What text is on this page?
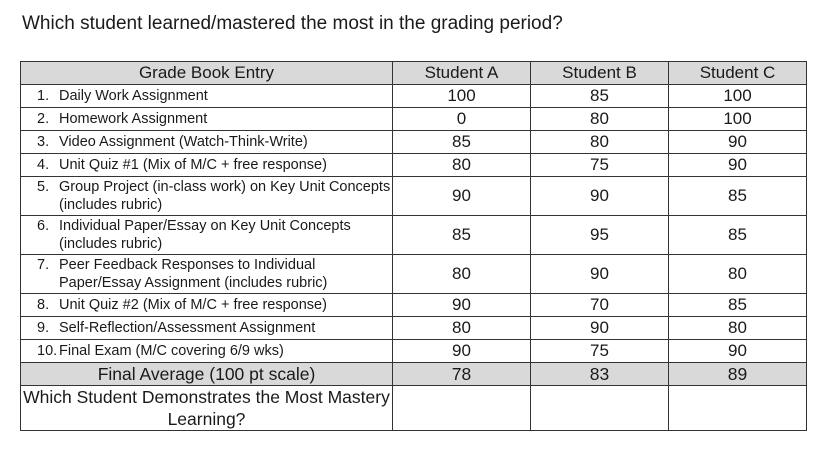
Which student learned/mastered the most in the grading period?
Grade Book Entry	Student A	Student B	Student C

1. Daily Work Assignment	100	85	100

2. Homework Assignment	0	80	100

3. Video Assignment (Watch-Think-Write)	85	80	90

4. Unit Quiz #1 (Mix of M/C + free response)	80	75	90

5. Group Project (in-class work) on Key Unit Concepts (includes rubric)	90	90	85

6. Individual Paper/Essay on Key Unit Concepts (includes rubric)	85	95	85

7. Peer Feedback Responses to Individual Paper/Essay Assignment (includes rubric)	80	90	80

8. Unit Quiz #2 (Mix of M/C + free response)	90	70	85

9. Self-Reflection/Assessment Assignment	80	90	80

10. Final Exam (M/C covering 6/9 wks)	90	75	90
Final Average (100 pt scale)	78	83	89
Which Student Demonstrates the Most Mastery Learning?			
